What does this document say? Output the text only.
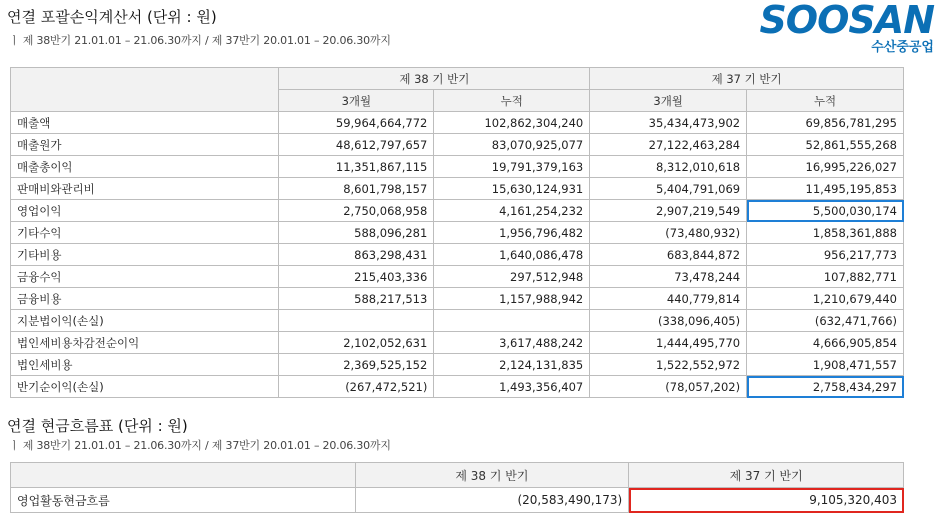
연결 포괄손익계산서 (단위 : 원)
ㅣ 제 38반기 21.01.01 – 21.06.30까지 / 제 37반기 20.01.01 – 20.06.30까지	SOOSAN
수산중공업
	제 38 기 반기		제 37 기 반기	
	3개월	누적	3개월	누적
매출액	59,964,664,772	102,862,304,240	35,434,473,902	69,856,781,295
매출원가	48,612,797,657	83,070,925,077	27,122,463,284	52,861,555,268
매출총이익	11,351,867,115	19,791,379,163	8,312,010,618	16,995,226,027
판매비와관리비	8,601,798,157	15,630,124,931	5,404,791,069	11,495,195,853
영업이익	2,750,068,958	4,161,254,232	2,907,219,549	5,500,030,174
기타수익	588,096,281	1,956,796,482	(73,480,932)	1,858,361,888
기타비용	863,298,431	1,640,086,478	683,844,872	956,217,773
금융수익	215,403,336	297,512,948	73,478,244	107,882,771
금융비용	588,217,513	1,157,988,942	440,779,814	1,210,679,440
지분법이익(손실)			(338,096,405)	(632,471,766)
법인세비용차감전순이익	2,102,052,631	3,617,488,242	1,444,495,770	4,666,905,854
법인세비용	2,369,525,152	2,124,131,835	1,522,552,972	1,908,471,557
반기순이익(손실)	(267,472,521)	1,493,356,407	(78,057,202)	2,758,434,297
연결 현금흐름표 (단위 : 원)
ㅣ 제 38반기 21.01.01 – 21.06.30까지 / 제 37반기 20.01.01 – 20.06.30까지
	제 38 기 반기	제 37 기 반기
영업활동현금흐름	(20,583,490,173)	9,105,320,403
